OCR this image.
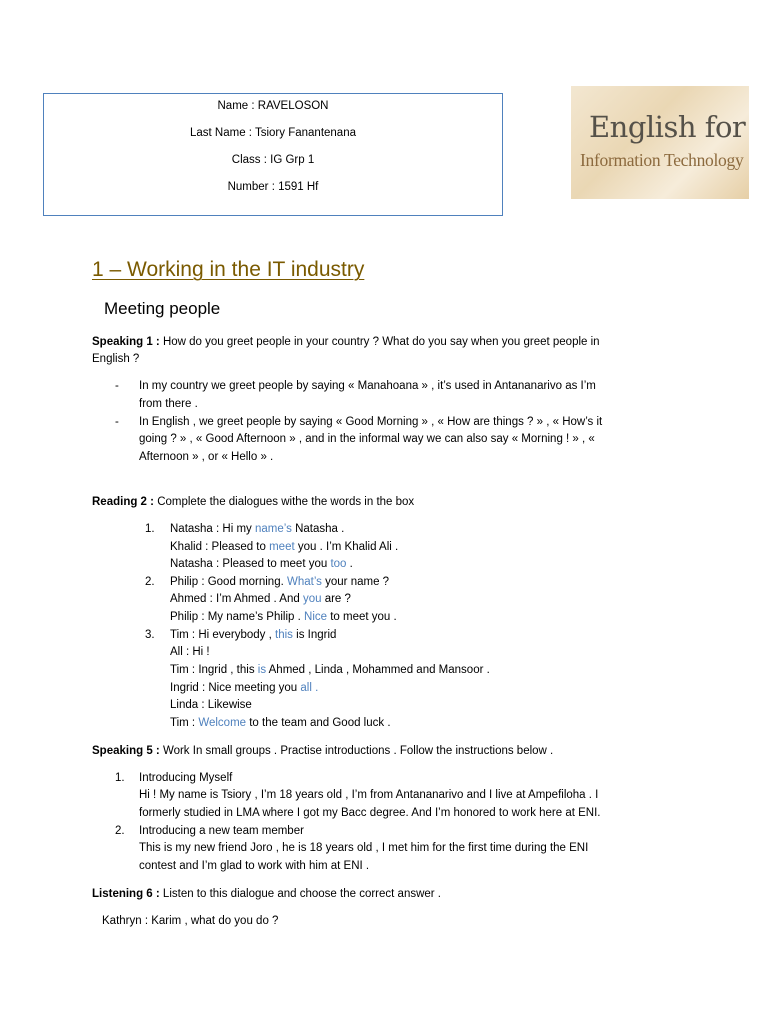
Name : RAVELOSON
Last Name : Tsiory Fanantenana
Class : IG Grp 1
Number : 1591 Hf
English for
Information Technology
1 – Working in the IT industry
Meeting people
Speaking 1 : How do you greet people in your country ? What do you say when you greet people in
English ?
- In my country we greet people by saying « Manahoana » , it’s used in Antananarivo as I’m
from there .
- In English , we greet people by saying « Good Morning » , « How are things ? » , « How’s it
going ? » , « Good Afternoon » , and in the informal way we can also say « Morning ! » , «
Afternoon » , or « Hello » .
Reading 2 : Complete the dialogues withe the words in the box
1. Natasha : Hi my name’s Natasha .
Khalid : Pleased to meet you . I’m Khalid Ali .
Natasha : Pleased to meet you too .
2. Philip : Good morning. What’s your name ?
Ahmed : I’m Ahmed . And you are ?
Philip : My name’s Philip . Nice to meet you .
3. Tim : Hi everybody , this is Ingrid
All : Hi !
Tim : Ingrid , this is Ahmed , Linda , Mohammed and Mansoor .
Ingrid : Nice meeting you all .
Linda : Likewise
Tim : Welcome to the team and Good luck .
Speaking 5 : Work In small groups . Practise introductions . Follow the instructions below .
1. Introducing Myself
Hi ! My name is Tsiory , I’m 18 years old , I’m from Antananarivo and I live at Ampefiloha . I
formerly studied in LMA where I got my Bacc degree. And I’m honored to work here at ENI.
2. Introducing a new team member
This is my new friend Joro , he is 18 years old , I met him for the first time during the ENI
contest and I’m glad to work with him at ENI .
Listening 6 : Listen to this dialogue and choose the correct answer .
Kathryn : Karim , what do you do ?
